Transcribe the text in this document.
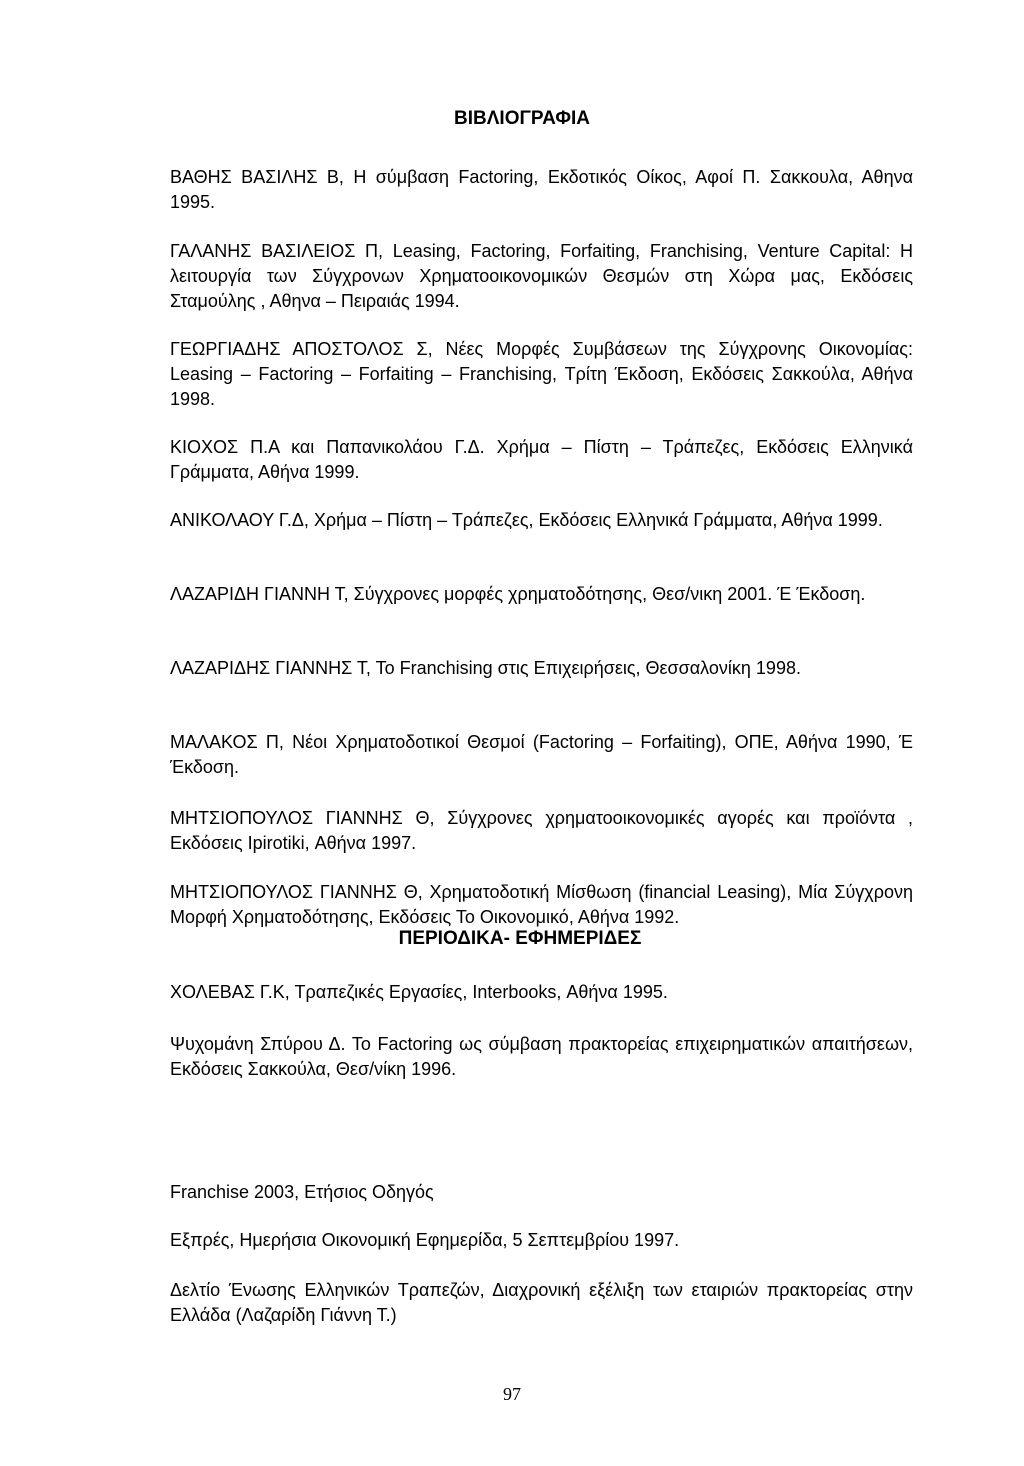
ΒΙΒΛΙΟΓΡΑΦΙΑ

ΒΑΘΗΣ ΒΑΣΙΛΗΣ Β, Η σύμβαση Factoring, Εκδοτικός Οίκος, Αφοί Π. Σακκουλα, Αθηνα 1995.

ΓΑΛΑΝΗΣ ΒΑΣΙΛΕΙΟΣ Π, Leasing, Factoring, Forfaiting, Franchising, Venture Capital: Η λειτουργία των Σύγχρονων Χρηματοοικονομικών Θεσμών στη Χώρα μας, Εκδόσεις Σταμούλης , Αθηνα – Πειραιάς 1994.

ΓΕΩΡΓΙΑΔΗΣ ΑΠΟΣΤΟΛΟΣ Σ, Νέες Μορφές Συμβάσεων της Σύγχρονης Οικονομίας: Leasing – Factoring – Forfaiting – Franchising, Τρίτη Έκδοση, Εκδόσεις Σακκούλα, Αθήνα 1998.

ΚΙΟΧΟΣ Π.Α και Παπανικολάου Γ.Δ. Χρήμα – Πίστη – Τράπεζες, Εκδόσεις Ελληνικά Γράμματα, Αθήνα 1999.

ΑΝΙΚΟΛΑΟΥ Γ.Δ, Χρήμα – Πίστη – Τράπεζες, Εκδόσεις Ελληνικά Γράμματα, Αθήνα 1999.

ΛΑΖΑΡΙΔΗ ΓΙΑΝΝΗ Τ, Σύγχρονες μορφές χρηματοδότησης, Θεσ/νικη 2001. Έ Έκδοση.

ΛΑΖΑΡΙΔΗΣ ΓΙΑΝΝΗΣ Τ, Το Franchising στις Επιχειρήσεις, Θεσσαλονίκη 1998.

ΜΑΛΑΚΟΣ Π, Νέοι Χρηματοδοτικοί Θεσμοί (Factoring – Forfaiting), ΟΠΕ, Αθήνα 1990, Έ Έκδοση.

ΜΗΤΣΙΟΠΟΥΛΟΣ ΓΙΑΝΝΗΣ Θ, Σύγχρονες χρηματοοικονομικές αγορές και προϊόντα , Εκδόσεις Ipirotiki, Αθήνα 1997.

ΜΗΤΣΙΟΠΟΥΛΟΣ ΓΙΑΝΝΗΣ Θ, Χρηματοδοτική Μίσθωση (financial Leasing), Μία Σύγχρονη Μορφή Χρηματοδότησης, Εκδόσεις Το Οικονομικό, Αθήνα 1992.

ΧΟΛΕΒΑΣ Γ.Κ, Τραπεζικές Εργασίες, Interbooks, Αθήνα 1995.

Ψυχομάνη Σπύρου Δ. Το Factoring ως σύμβαση πρακτορείας επιχειρηματικών απαιτήσεων, Εκδόσεις Σακκούλα, Θεσ/νίκη 1996.

ΠΕΡΙΟΔΙΚΑ- ΕΦΗΜΕΡΙΔΕΣ

Franchise 2003, Ετήσιος Οδηγός

Εξπρές, Ημερήσια Οικονομική Εφημερίδα, 5 Σεπτεμβρίου 1997.

Δελτίο Ένωσης Ελληνικών Τραπεζών, Διαχρονική εξέλιξη των εταιριών πρακτορείας στην Ελλάδα (Λαζαρίδη Γιάννη Τ.)

97
